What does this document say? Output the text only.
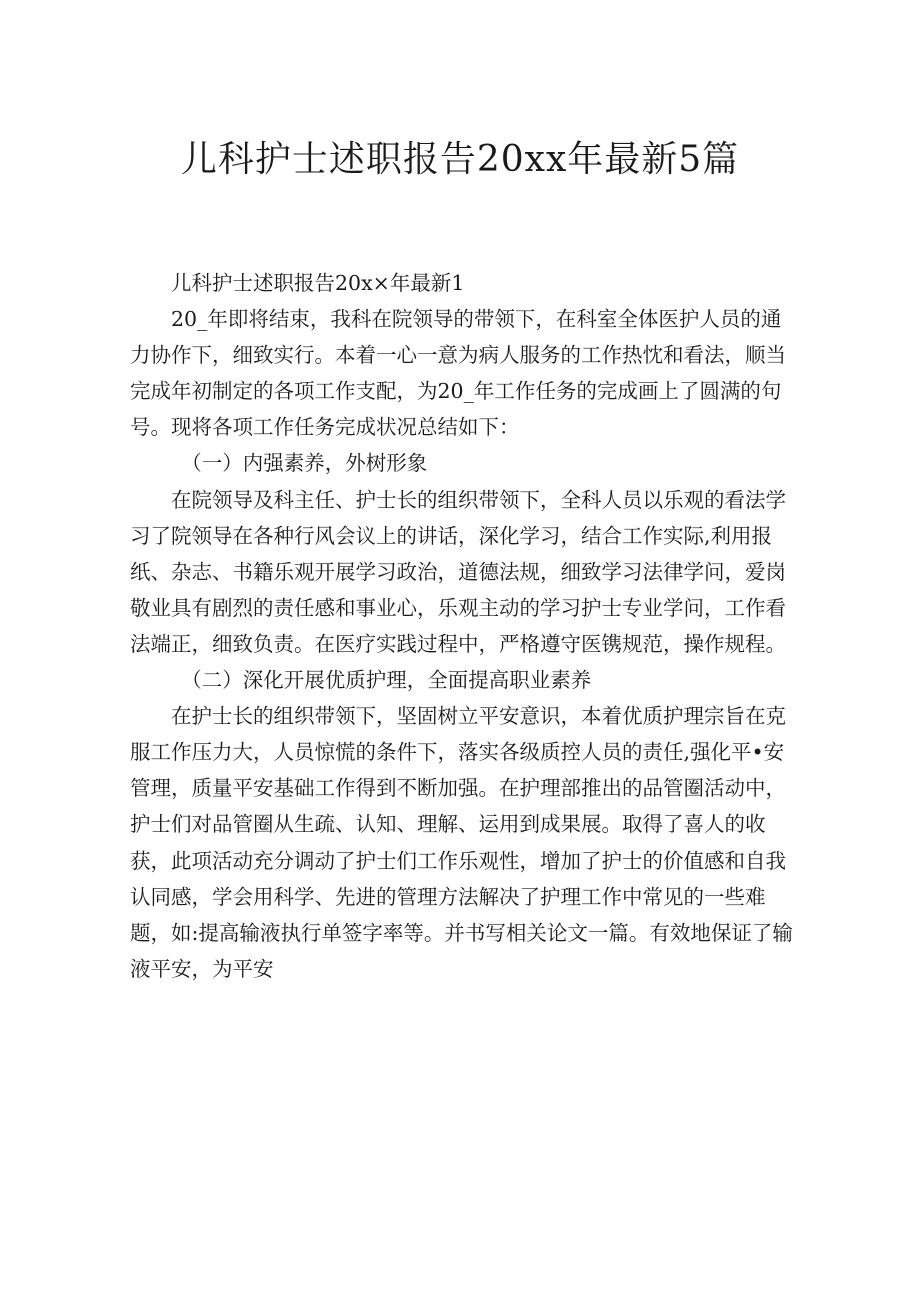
儿科护士述职报告20xx年最新5篇

儿科护士述职报告20x×年最新1

20_年即将结束，我科在院领导的带领下，在科室全体医护人员的通力协作下，细致实行。本着一心一意为病人服务的工作热忱和看法，顺当完成年初制定的各项工作支配，为20_年工作任务的完成画上了圆满的句号。现将各项工作任务完成状况总结如下：

（一）内强素养，外树形象

在院领导及科主任、护士长的组织带领下，全科人员以乐观的看法学习了院领导在各种行风会议上的讲话，深化学习，结合工作实际,利用报纸、杂志、书籍乐观开展学习政治，道德法规，细致学习法律学问，爱岗敬业具有剧烈的责任感和事业心，乐观主动的学习护士专业学问，工作看法端正，细致负责。在医疗实践过程中，严格遵守医镌规范，操作规程。

（二）深化开展优质护理，全面提高职业素养

在护士长的组织带领下，坚固树立平安意识，本着优质护理宗旨在克服工作压力大，人员惊慌的条件下，落实各级质控人员的责任,强化平•安管理，质量平安基础工作得到不断加强。在护理部推出的品管圈活动中，护士们对品管圈从生疏、认知、理解、运用到成果展。取得了喜人的收获，此项活动充分调动了护士们工作乐观性，增加了护士的价值感和自我认同感，学会用科学、先进的管理方法解决了护理工作中常见的一些难题，如:提高输液执行单签字率等。并书写相关论文一篇。有效地保证了输液平安，为平安
